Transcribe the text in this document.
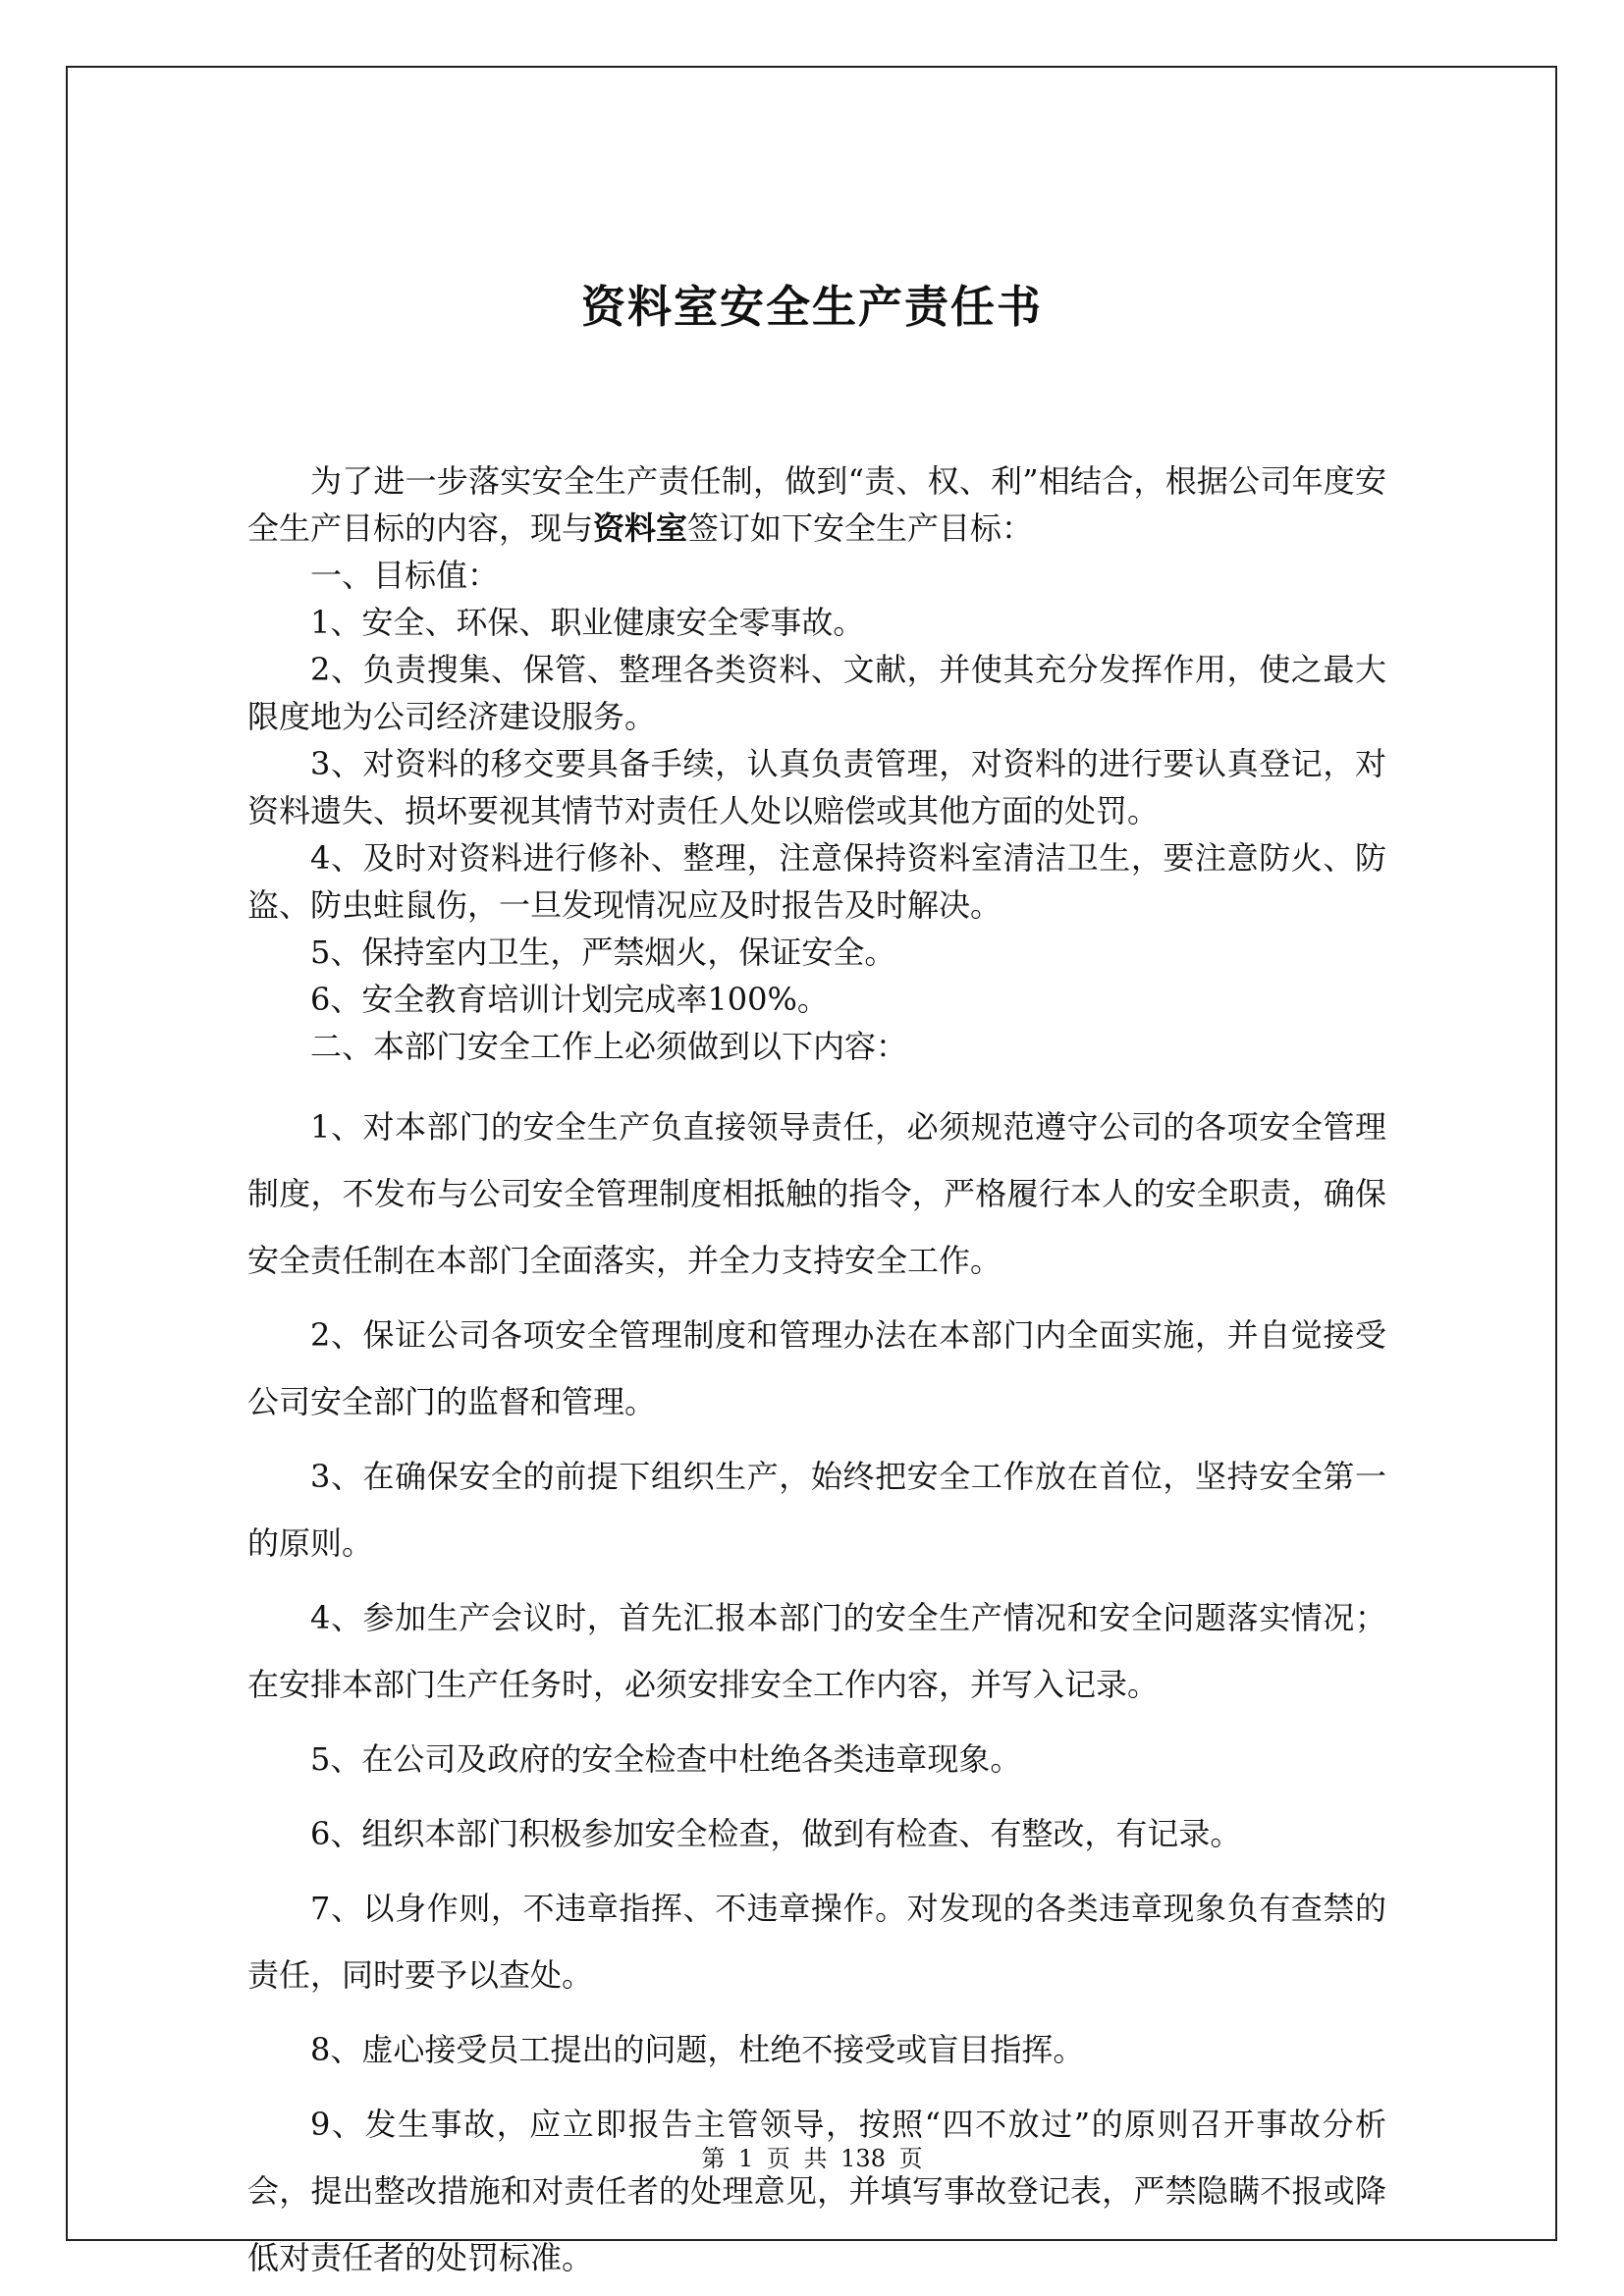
资料室安全生产责任书

为了进一步落实安全生产责任制，做到“责、权、利”相结合，根据公司年度安全生产目标的内容，现与资料室签订如下安全生产目标：

一、目标值：

1、安全、环保、职业健康安全零事故。

2、负责搜集、保管、整理各类资料、文献，并使其充分发挥作用，使之最大限度地为公司经济建设服务。

3、对资料的移交要具备手续，认真负责管理，对资料的进行要认真登记，对资料遗失、损坏要视其情节对责任人处以赔偿或其他方面的处罚。

4、及时对资料进行修补、整理，注意保持资料室清洁卫生，要注意防火、防盗、防虫蛀鼠伤，一旦发现情况应及时报告及时解决。

5、保持室内卫生，严禁烟火，保证安全。

6、安全教育培训计划完成率100%。

二、本部门安全工作上必须做到以下内容：

1、对本部门的安全生产负直接领导责任，必须规范遵守公司的各项安全管理制度，不发布与公司安全管理制度相抵触的指令，严格履行本人的安全职责，确保安全责任制在本部门全面落实，并全力支持安全工作。

2、保证公司各项安全管理制度和管理办法在本部门内全面实施，并自觉接受公司安全部门的监督和管理。

3、在确保安全的前提下组织生产，始终把安全工作放在首位，坚持安全第一的原则。

4、参加生产会议时，首先汇报本部门的安全生产情况和安全问题落实情况；在安排本部门生产任务时，必须安排安全工作内容，并写入记录。

5、在公司及政府的安全检查中杜绝各类违章现象。

6、组织本部门积极参加安全检查，做到有检查、有整改，有记录。

7、以身作则，不违章指挥、不违章操作。对发现的各类违章现象负有查禁的责任，同时要予以查处。

8、虚心接受员工提出的问题，杜绝不接受或盲目指挥。

9、发生事故，应立即报告主管领导，按照“四不放过”的原则召开事故分析会，提出整改措施和对责任者的处理意见，并填写事故登记表，严禁隐瞒不报或降低对责任者的处罚标准。

第 1 页 共 138 页
